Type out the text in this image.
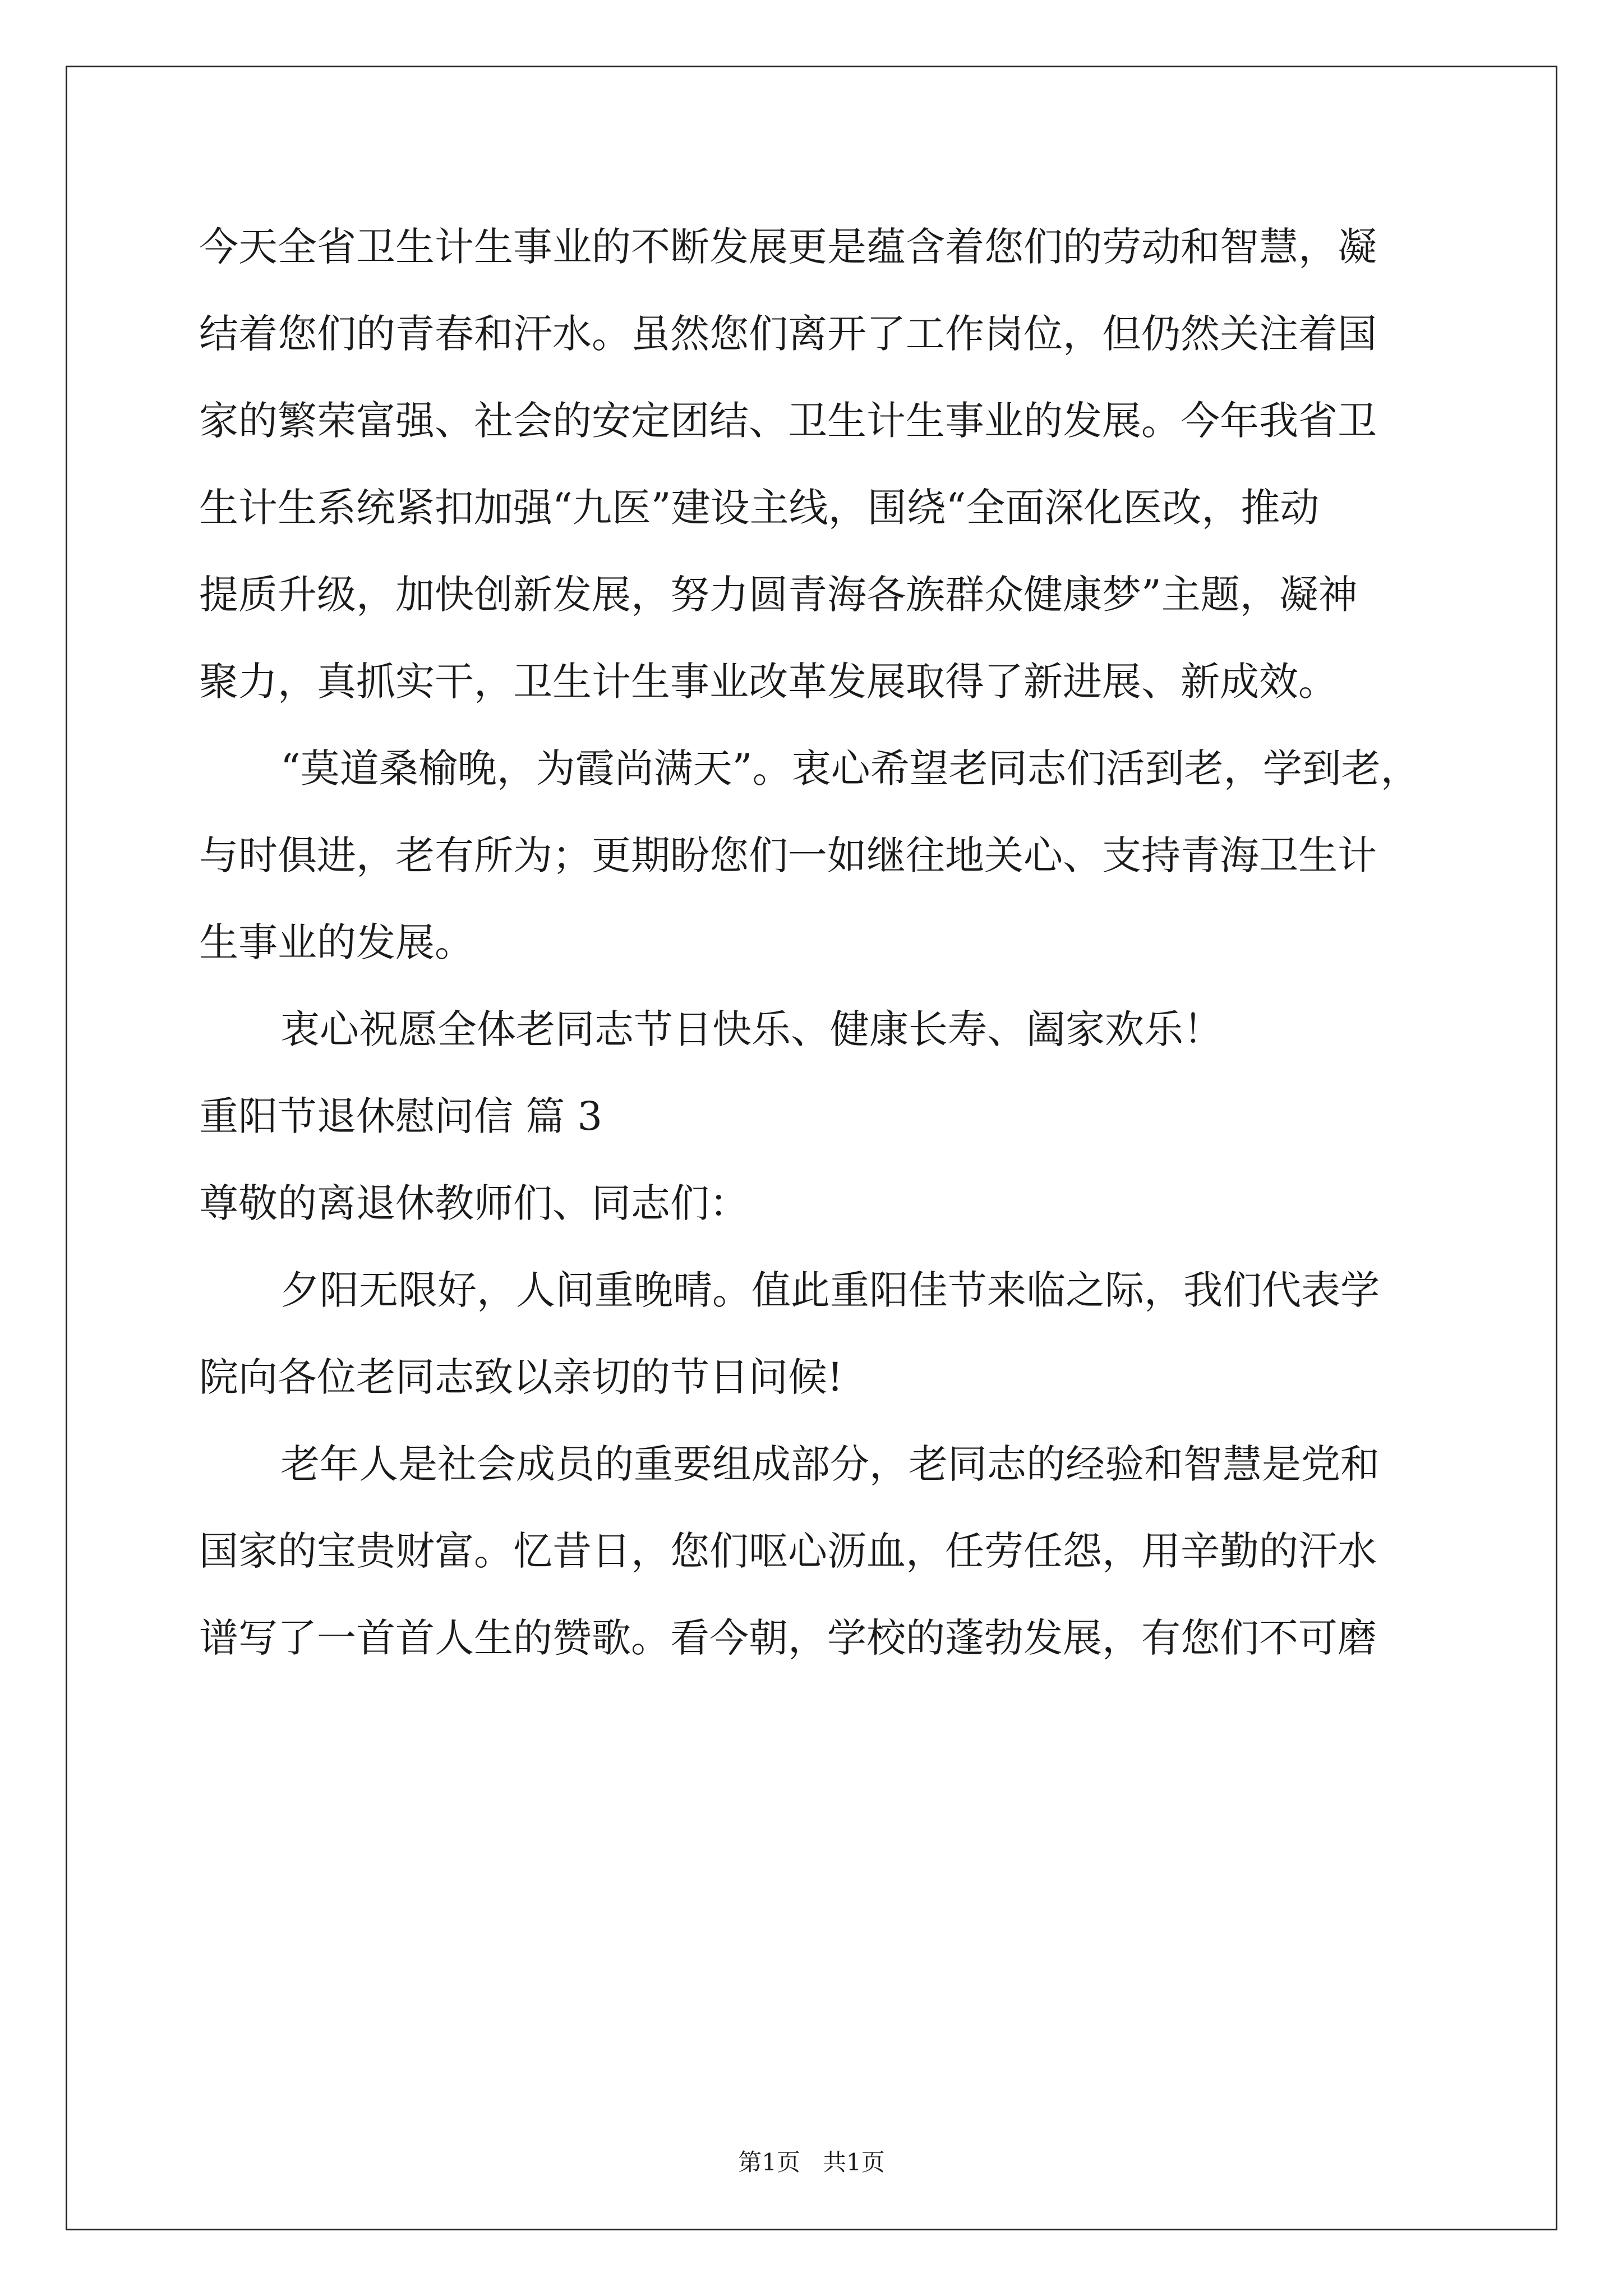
今天全省卫生计生事业的不断发展更是蕴含着您们的劳动和智慧，凝
结着您们的青春和汗水。虽然您们离开了工作岗位，但仍然关注着国
家的繁荣富强、社会的安定团结、卫生计生事业的发展。今年我省卫
生计生系统紧扣加强“九医”建设主线，围绕“全面深化医改，推动
提质升级，加快创新发展，努力圆青海各族群众健康梦”主题，凝神
聚力，真抓实干，卫生计生事业改革发展取得了新进展、新成效。
“莫道桑榆晚，为霞尚满天”。衷心希望老同志们活到老，学到老，
与时俱进，老有所为；更期盼您们一如继往地关心、支持青海卫生计
生事业的发展。
衷心祝愿全体老同志节日快乐、健康长寿、阖家欢乐！
重阳节退休慰问信 篇 3
尊敬的离退休教师们、同志们：
夕阳无限好，人间重晚晴。值此重阳佳节来临之际，我们代表学
院向各位老同志致以亲切的节日问候!
老年人是社会成员的重要组成部分，老同志的经验和智慧是党和
国家的宝贵财富。忆昔日，您们呕心沥血，任劳任怨，用辛勤的汗水
谱写了一首首人生的赞歌。看今朝，学校的蓬勃发展，有您们不可磨
第1页   共1页
